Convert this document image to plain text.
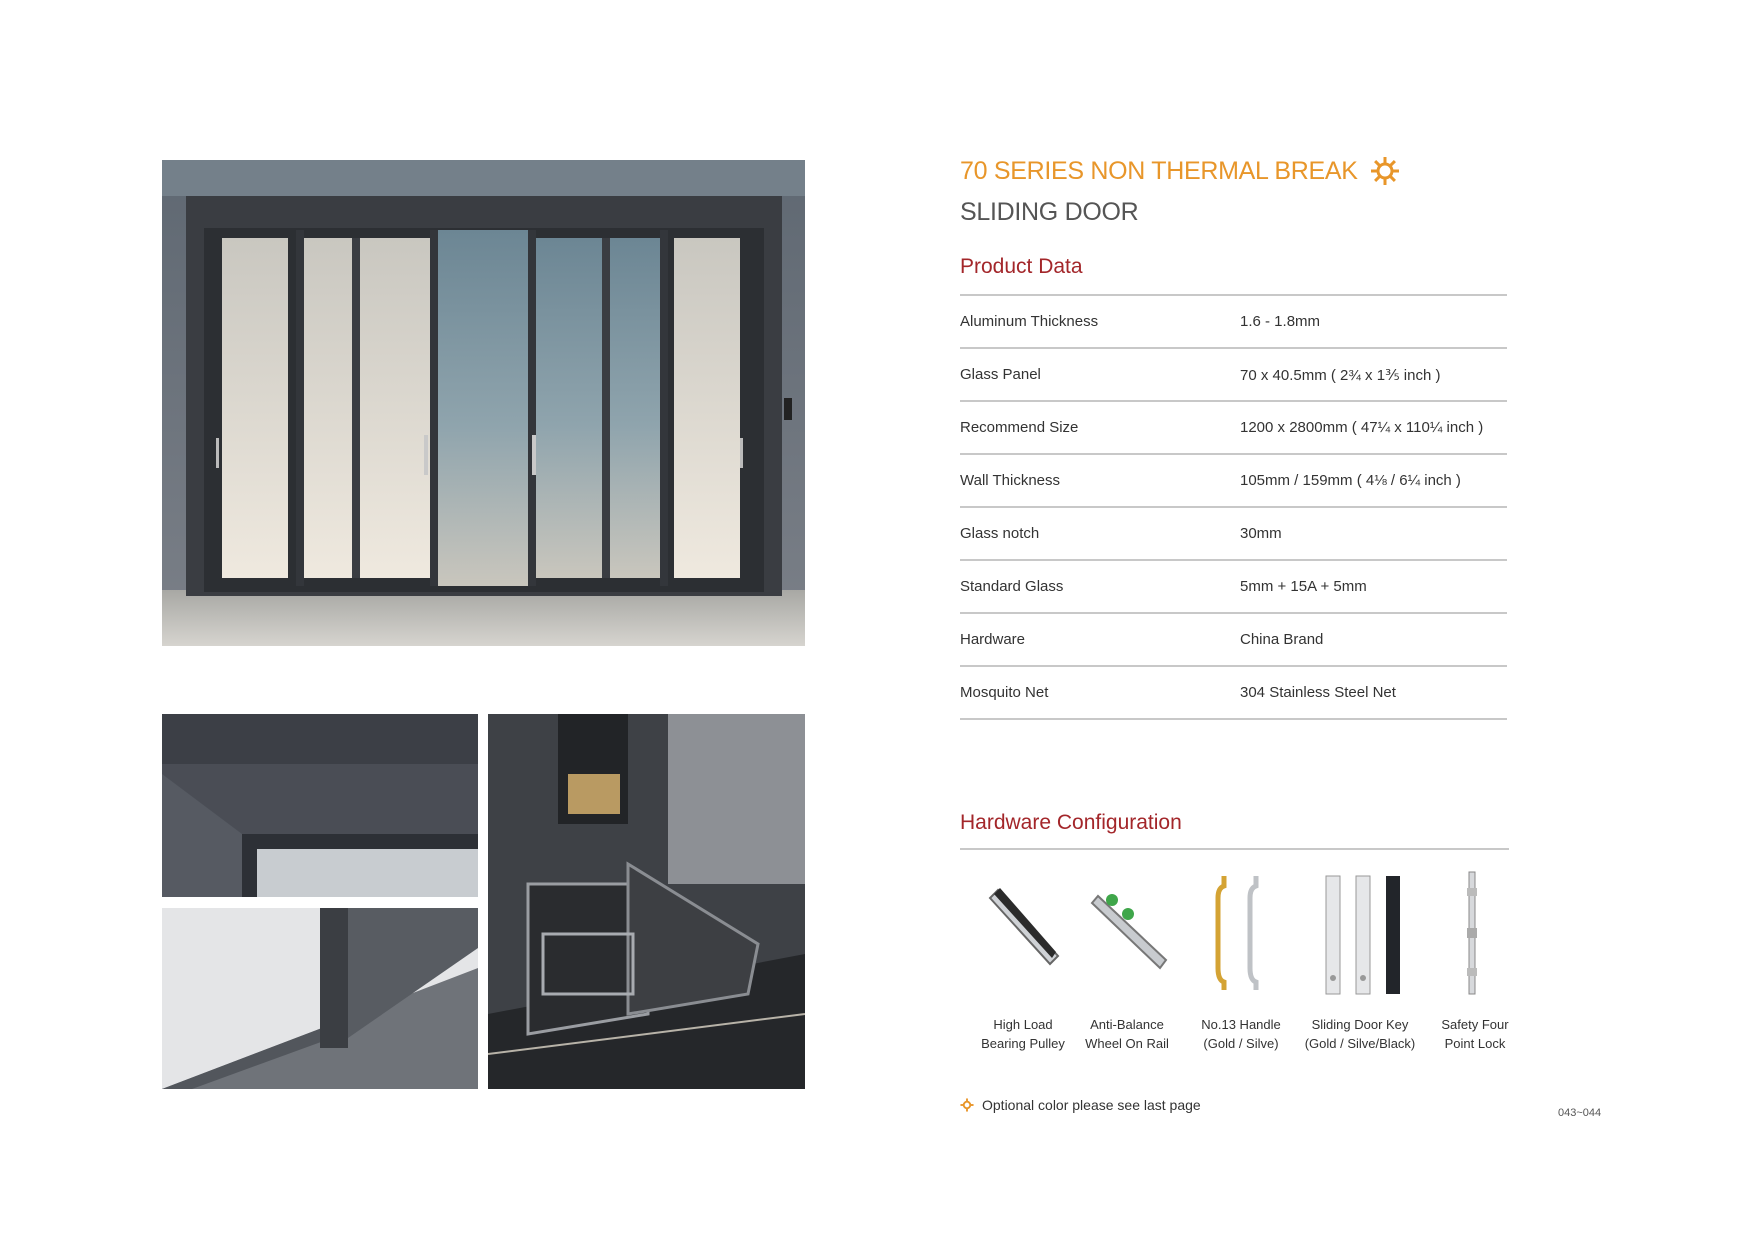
70 SERIES NON THERMAL BREAK
SLIDING DOOR
Product Data
Aluminum Thickness	1.6 - 1.8mm
Glass Panel	70 x 40.5mm ( 2¾ x 1⅗ inch )
Recommend Size	1200 x 2800mm ( 47¼ x 110¼ inch )
Wall Thickness	105mm / 159mm ( 4⅛ / 6¼ inch )
Glass notch	30mm
Standard Glass	5mm + 15A + 5mm
Hardware	China Brand
Mosquito Net	304 Stainless Steel Net
Hardware Configuration
High Load
Bearing Pulley
Anti-Balance
Wheel On Rail
No.13 Handle
(Gold / Silve)
Sliding Door Key
(Gold / Silve/Black)
Safety Four
Point Lock
Optional color please see last page	043~044
